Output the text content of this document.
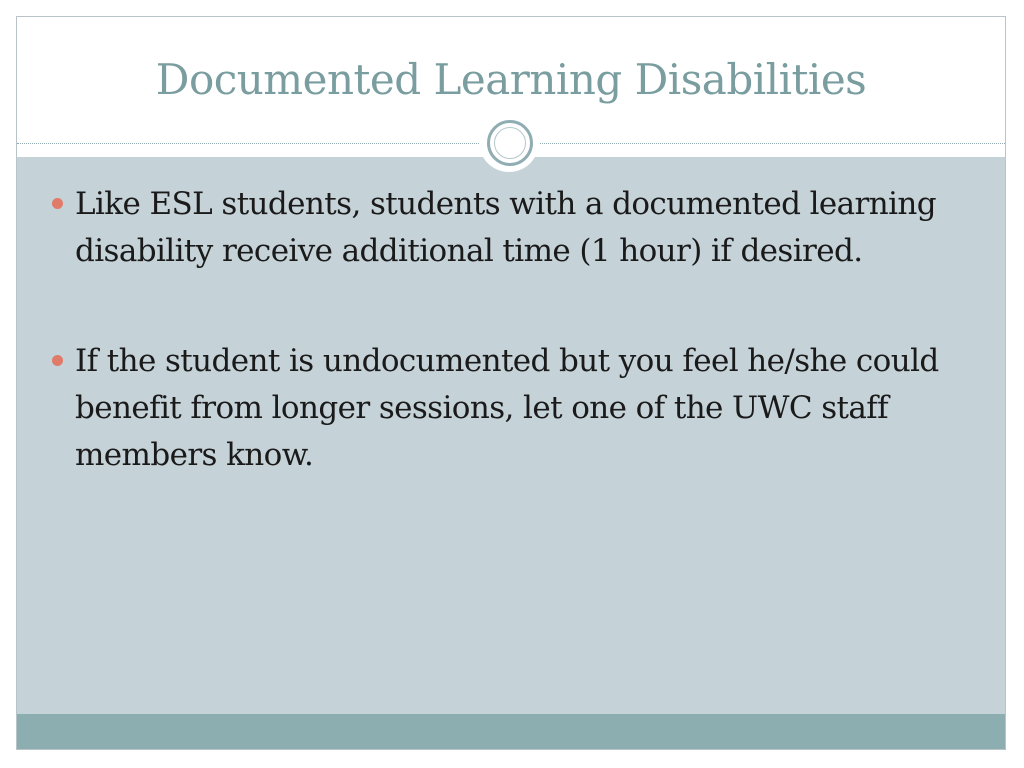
Documented Learning Disabilities
Like ESL students, students with a documented learning disability receive additional time (1 hour) if desired.
If the student is undocumented but you feel he/she could benefit from longer sessions, let one of the UWC staff members know.
